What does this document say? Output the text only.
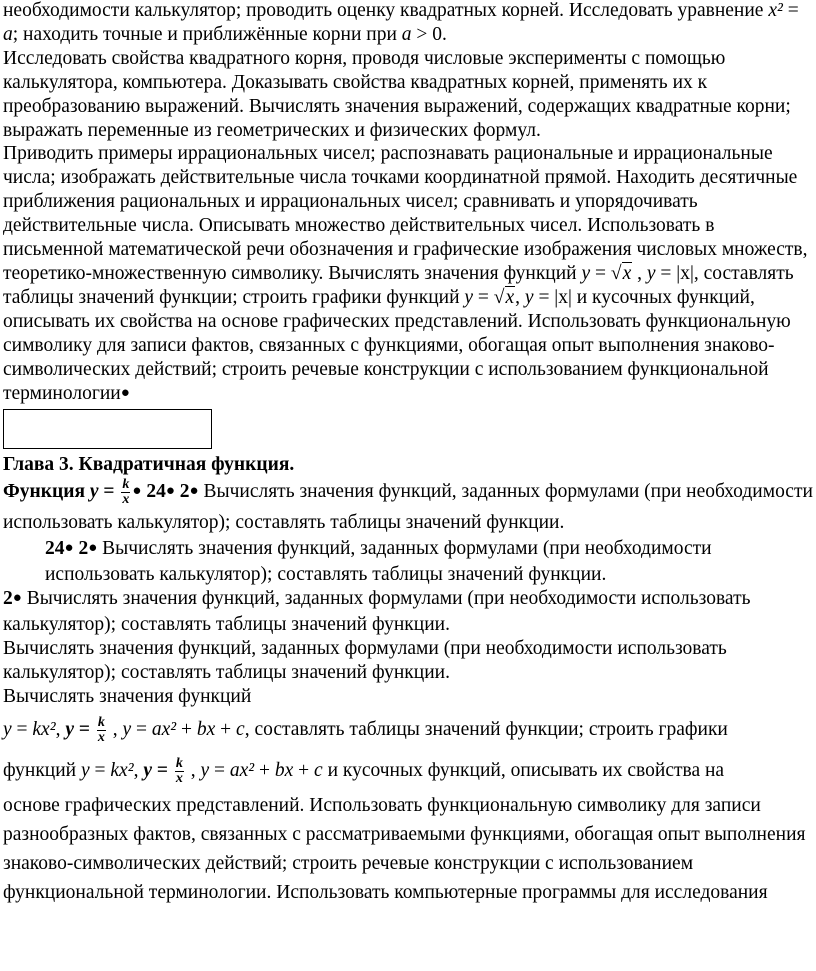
необходимости калькулятор; проводить оценку квадратных корней. Исследовать уравнение x² = a; находить точные и приближённые корни при a > 0.

Исследовать свойства квадратного корня, проводя числовые эксперименты с помощью калькулятора, компьютера. Доказывать свойства квадратных корней, применять их к преобразованию выражений. Вычислять значения выражений, содержащих квадратные корни; выражать переменные из геометрических и физических формул.

Приводить примеры иррациональных чисел; распознавать рациональные и иррациональные числа; изображать действительные числа точками координатной прямой. Находить десятичные приближения рациональных и иррациональных чисел; сравнивать и упорядочивать действительные числа. Описывать множество действительных чисел. Использовать в письменной математической речи обозначения и графические изображения числовых множеств, теоретико-множественную символику. Вычислять значения функций y = √x , y = |x|, составлять таблицы значений функции; строить графики функций y = √x, y = |x| и кусочных функций, описывать их свойства на основе графических представлений. Использовать функциональную символику для записи фактов, связанных с функциями, обогащая опыт выполнения знаково-символических действий; строить речевые конструкции с использованием функциональной терминологии●

Глава 3. Квадратичная функция.

Функция $y = \frac{k}{x}$ ● 24● 2● Вычислять значения функций, заданных формулами (при необходимости использовать калькулятор); составлять таблицы значений функции.

24● 2● Вычислять значения функций, заданных формулами (при необходимости использовать калькулятор); составлять таблицы значений функции.

2● Вычислять значения функций, заданных формулами (при необходимости использовать калькулятор); составлять таблицы значений функции.

Вычислять значения функций, заданных формулами (при необходимости использовать калькулятор); составлять таблицы значений функции.

Вычислять значения функций

y = kx², $y = \frac{k}{x}$ , y = ax² + bx + c, составлять таблицы значений функции; строить графики

функций y = kx², $y = \frac{k}{x}$ , y = ax² + bx + c и кусочных функций, описывать их свойства на

основе графических представлений. Использовать функциональную символику для записи разнообразных фактов, связанных с рассматриваемыми функциями, обогащая опыт выполнения знаково-символических действий; строить речевые конструкции с использованием функциональной терминологии. Использовать компьютерные программы для исследования
